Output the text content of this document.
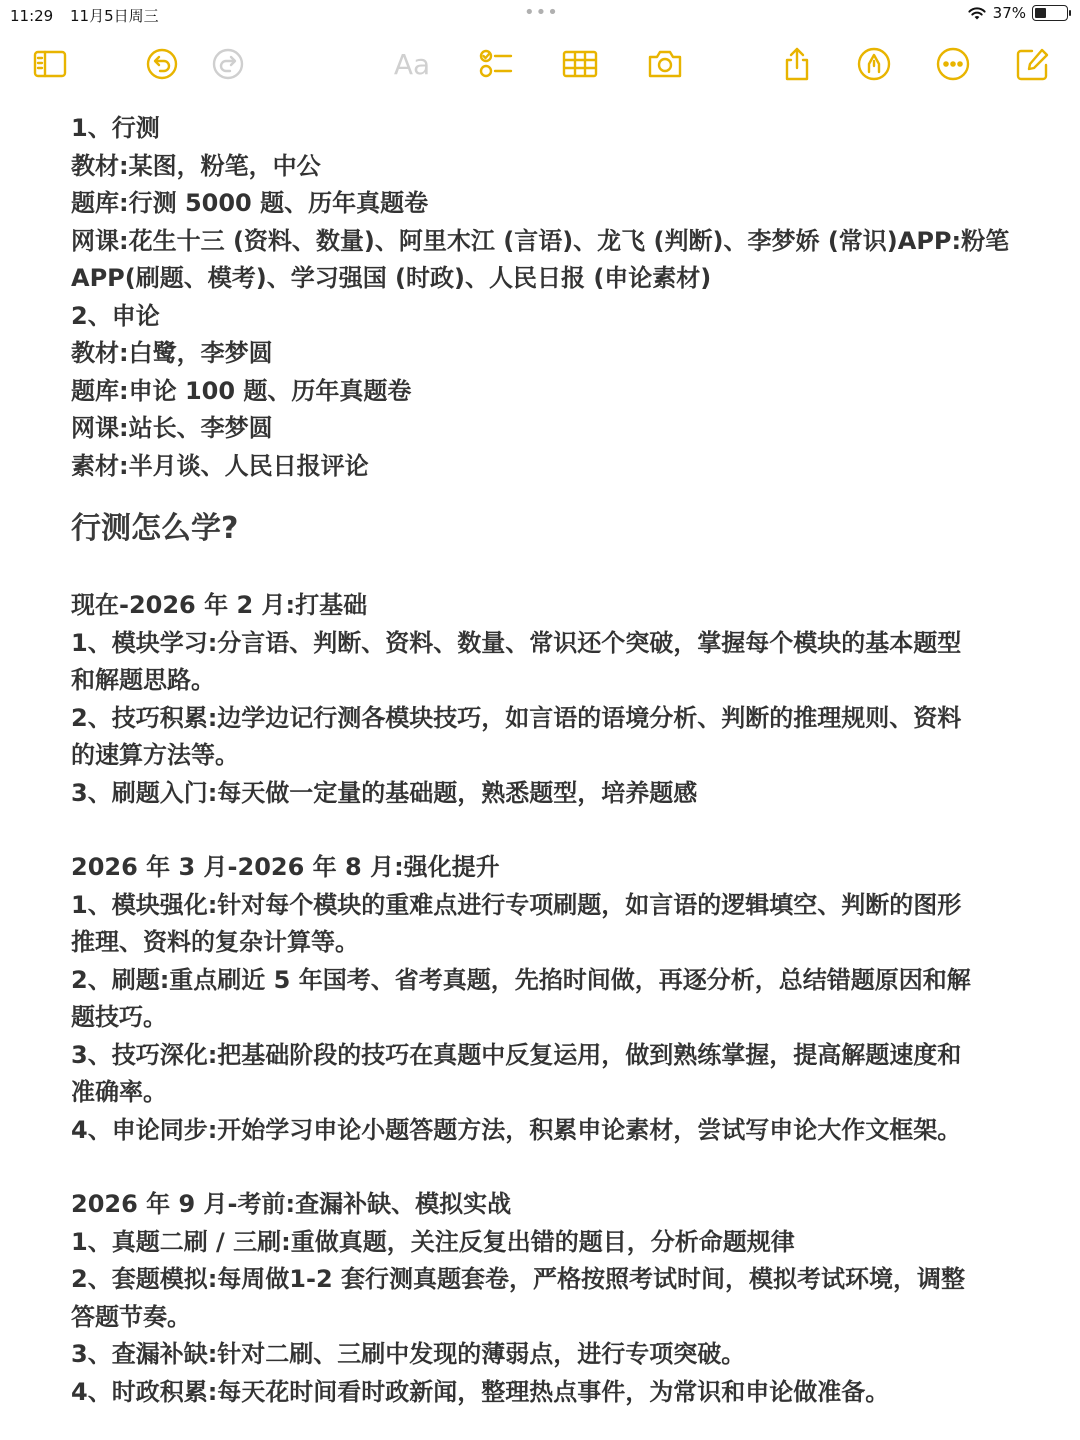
11:29 11月5日周三	•••	37%
Aa
1、行测
教材:某图，粉笔，中公
题库:行测 5000 题、历年真题卷
网课:花生十三 (资料、数量)、阿里木江 (言语)、龙飞 (判断)、李梦娇 (常识)APP:粉笔
APP(刷题、模考)、学习强国 (时政)、人民日报 (申论素材)
2、申论
教材:白鹭，李梦圆
题库:申论 100 题、历年真题卷
网课:站长、李梦圆
素材:半月谈、人民日报评论
行测怎么学?
现在-2026 年 2 月:打基础
1、模块学习:分言语、判断、资料、数量、常识还个突破，掌握每个模块的基本题型
和解题思路。
2、技巧积累:边学边记行测各模块技巧，如言语的语境分析、判断的推理规则、资料
的速算方法等。
3、刷题入门:每天做一定量的基础题，熟悉题型，培养题感
2026 年 3 月-2026 年 8 月:强化提升
1、模块强化:针对每个模块的重难点进行专项刷题，如言语的逻辑填空、判断的图形
推理、资料的复杂计算等。
2、刷题:重点刷近 5 年国考、省考真题，先掐时间做，再逐分析，总结错题原因和解
题技巧。
3、技巧深化:把基础阶段的技巧在真题中反复运用，做到熟练掌握，提高解题速度和
准确率。
4、申论同步:开始学习申论小题答题方法，积累申论素材，尝试写申论大作文框架。
2026 年 9 月-考前:查漏补缺、模拟实战
1、真题二刷 / 三刷:重做真题，关注反复出错的题目，分析命题规律
2、套题模拟:每周做1-2 套行测真题套卷，严格按照考试时间，模拟考试环境，调整
答题节奏。
3、查漏补缺:针对二刷、三刷中发现的薄弱点，进行专项突破。
4、时政积累:每天花时间看时政新闻，整理热点事件，为常识和申论做准备。
